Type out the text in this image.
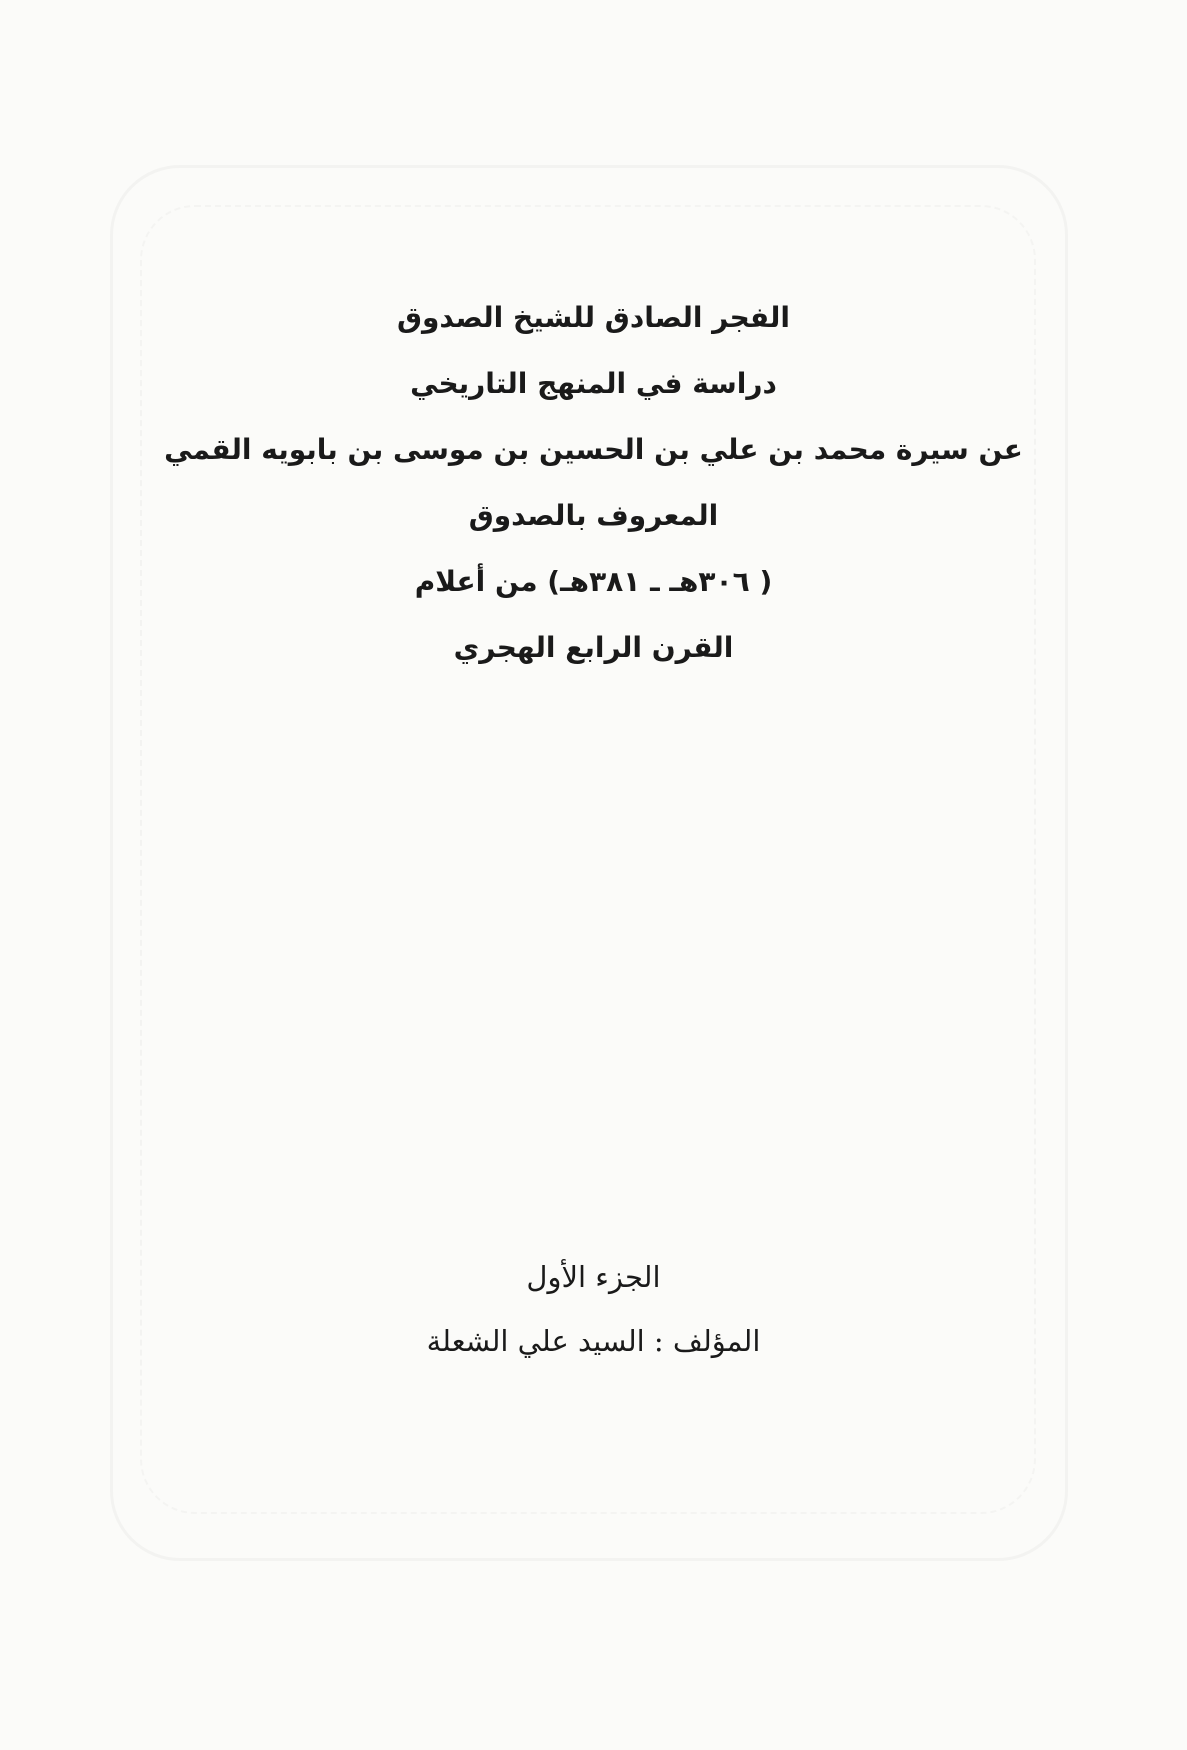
الفجر الصادق للشيخ الصدوق
دراسة في المنهج التاريخي
عن سيرة محمد بن علي بن الحسين بن موسى بن بابويه القمي
المعروف بالصدوق
( ٣٠٦هـ ـ ٣٨١هـ) من أعلام
القرن الرابع الهجري
الجزء الأول
المؤلف : السيد علي الشعلة
